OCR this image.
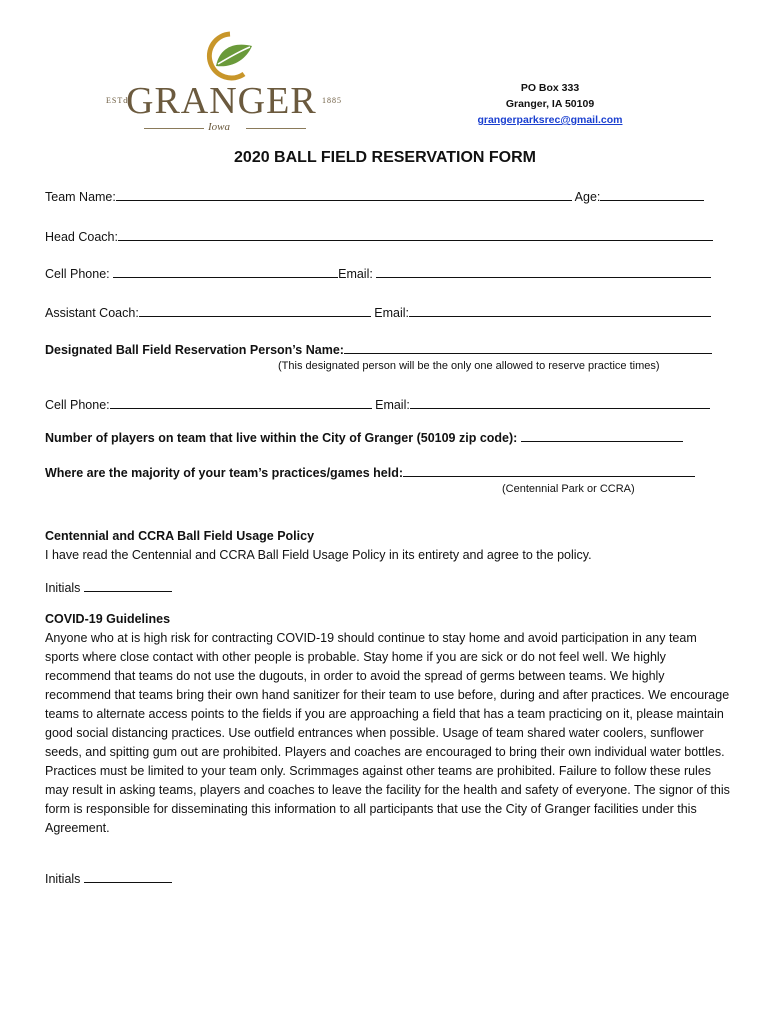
ESTd
GRANGER 1885
Iowa
PO Box 333
Granger, IA 50109
grangerparksrec@gmail.com
2020 BALL FIELD RESERVATION FORM
Team Name:	Age:
Head Coach:
Cell Phone:	Email:
Assistant Coach:	Email:
Designated Ball Field Reservation Person’s Name:
(This designated person will be the only one allowed to reserve practice times)
Cell Phone:	Email:
Number of players on team that live within the City of Granger (50109 zip code):
Where are the majority of your team’s practices/games held:
(Centennial Park or CCRA)
Centennial and CCRA Ball Field Usage Policy
I have read the Centennial and CCRA Ball Field Usage Policy in its entirety and agree to the policy.
Initials
COVID-19 Guidelines
Anyone who at is high risk for contracting COVID-19 should continue to stay home and avoid participation in any team sports where close contact with other people is probable. Stay home if you are sick or do not feel well. We highly recommend that teams do not use the dugouts, in order to avoid the spread of germs between teams. We highly recommend that teams bring their own hand sanitizer for their team to use before, during and after practices. We encourage teams to alternate access points to the fields if you are approaching a field that has a team practicing on it, please maintain good social distancing practices. Use outfield entrances when possible. Usage of team shared water coolers, sunflower seeds, and spitting gum out are prohibited. Players and coaches are encouraged to bring their own individual water bottles. Practices must be limited to your team only. Scrimmages against other teams are prohibited. Failure to follow these rules may result in asking teams, players and coaches to leave the facility for the health and safety of everyone. The signor of this form is responsible for disseminating this information to all participants that use the City of Granger facilities under this Agreement.
Initials
